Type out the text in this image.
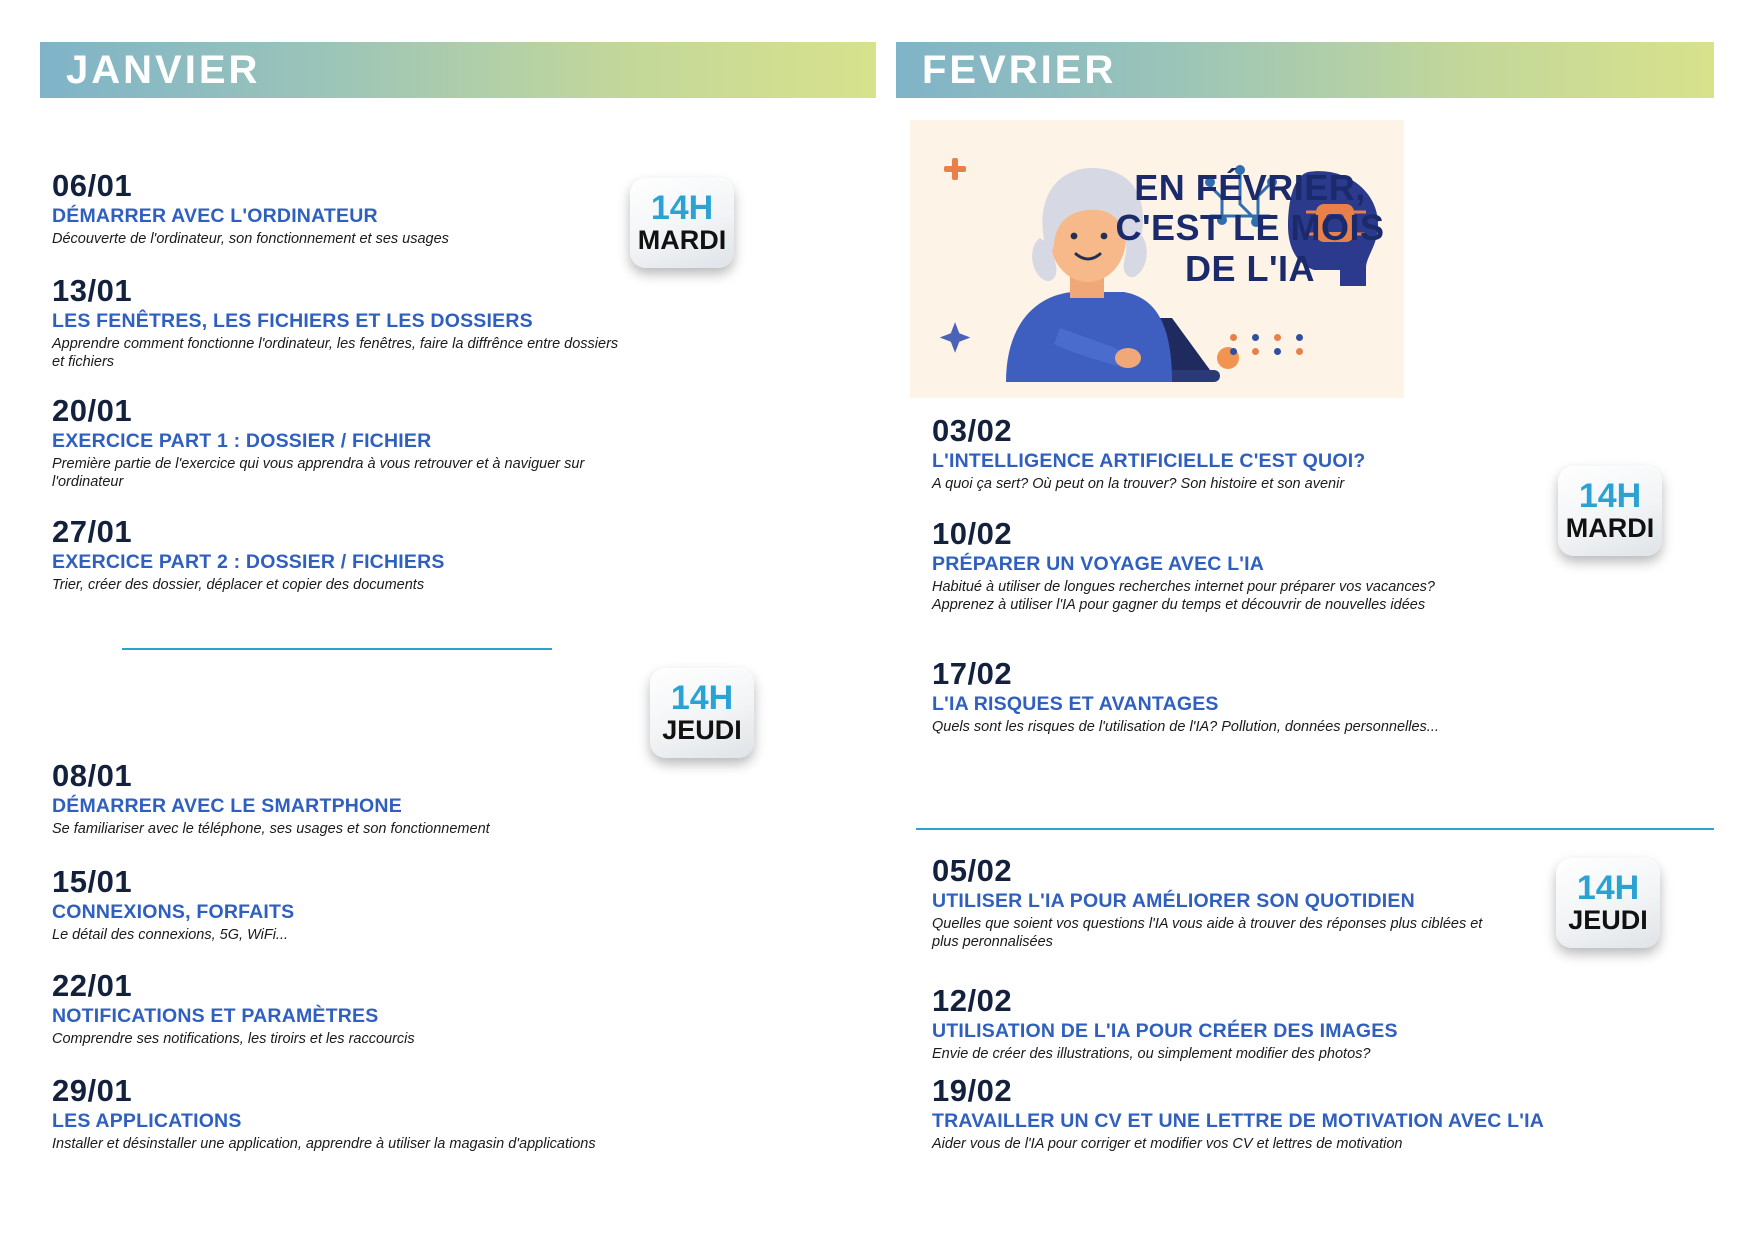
JANVIER	FEVRIER
06/01
DÉMARRER AVEC L'ORDINATEUR
Découverte de l'ordinateur, son fonctionnement et ses usages
13/01
LES FENÊTRES, LES FICHIERS ET LES DOSSIERS
Apprendre comment fonctionne l'ordinateur, les fenêtres, faire la diffrênce entre dossiers et fichiers
20/01
EXERCICE PART 1 : DOSSIER / FICHIER
Première partie de l'exercice qui vous apprendra à vous retrouver et à naviguer sur l'ordinateur
27/01
EXERCICE PART 2 : DOSSIER / FICHIERS
Trier, créer des dossier, déplacer et copier des documents
08/01
DÉMARRER AVEC LE SMARTPHONE
Se familiariser avec le téléphone, ses usages et son fonctionnement
15/01
CONNEXIONS, FORFAITS
Le détail des connexions, 5G, WiFi...
22/01
NOTIFICATIONS ET PARAMÈTRES
Comprendre ses notifications, les tiroirs et les raccourcis
29/01
LES APPLICATIONS
Installer et désinstaller une application, apprendre à utiliser la magasin d'applications
14H
MARDI
14H
JEUDI
EN FÉVRIER,
C'EST LE MOIS
DE L'IA
03/02
L'INTELLIGENCE ARTIFICIELLE C'EST QUOI?
A quoi ça sert? Où peut on la trouver? Son histoire et son avenir
10/02
PRÉPARER UN VOYAGE AVEC L'IA
Habitué à utiliser de longues recherches internet pour préparer vos vacances? Apprenez à utiliser l'IA pour gagner du temps et découvrir de nouvelles idées
17/02
L'IA RISQUES ET AVANTAGES
Quels sont les risques de l'utilisation de l'IA? Pollution, données personnelles...
05/02
UTILISER L'IA POUR AMÉLIORER SON QUOTIDIEN
Quelles que soient vos questions l'IA vous aide à trouver des réponses plus ciblées et plus peronnalisées
12/02
UTILISATION DE L'IA POUR CRÉER DES IMAGES
Envie de créer des illustrations, ou simplement modifier des photos?
19/02
TRAVAILLER UN CV ET UNE LETTRE DE MOTIVATION AVEC L'IA
Aider vous de l'IA pour corriger et modifier vos CV et lettres de motivation
14H
MARDI
14H
JEUDI
